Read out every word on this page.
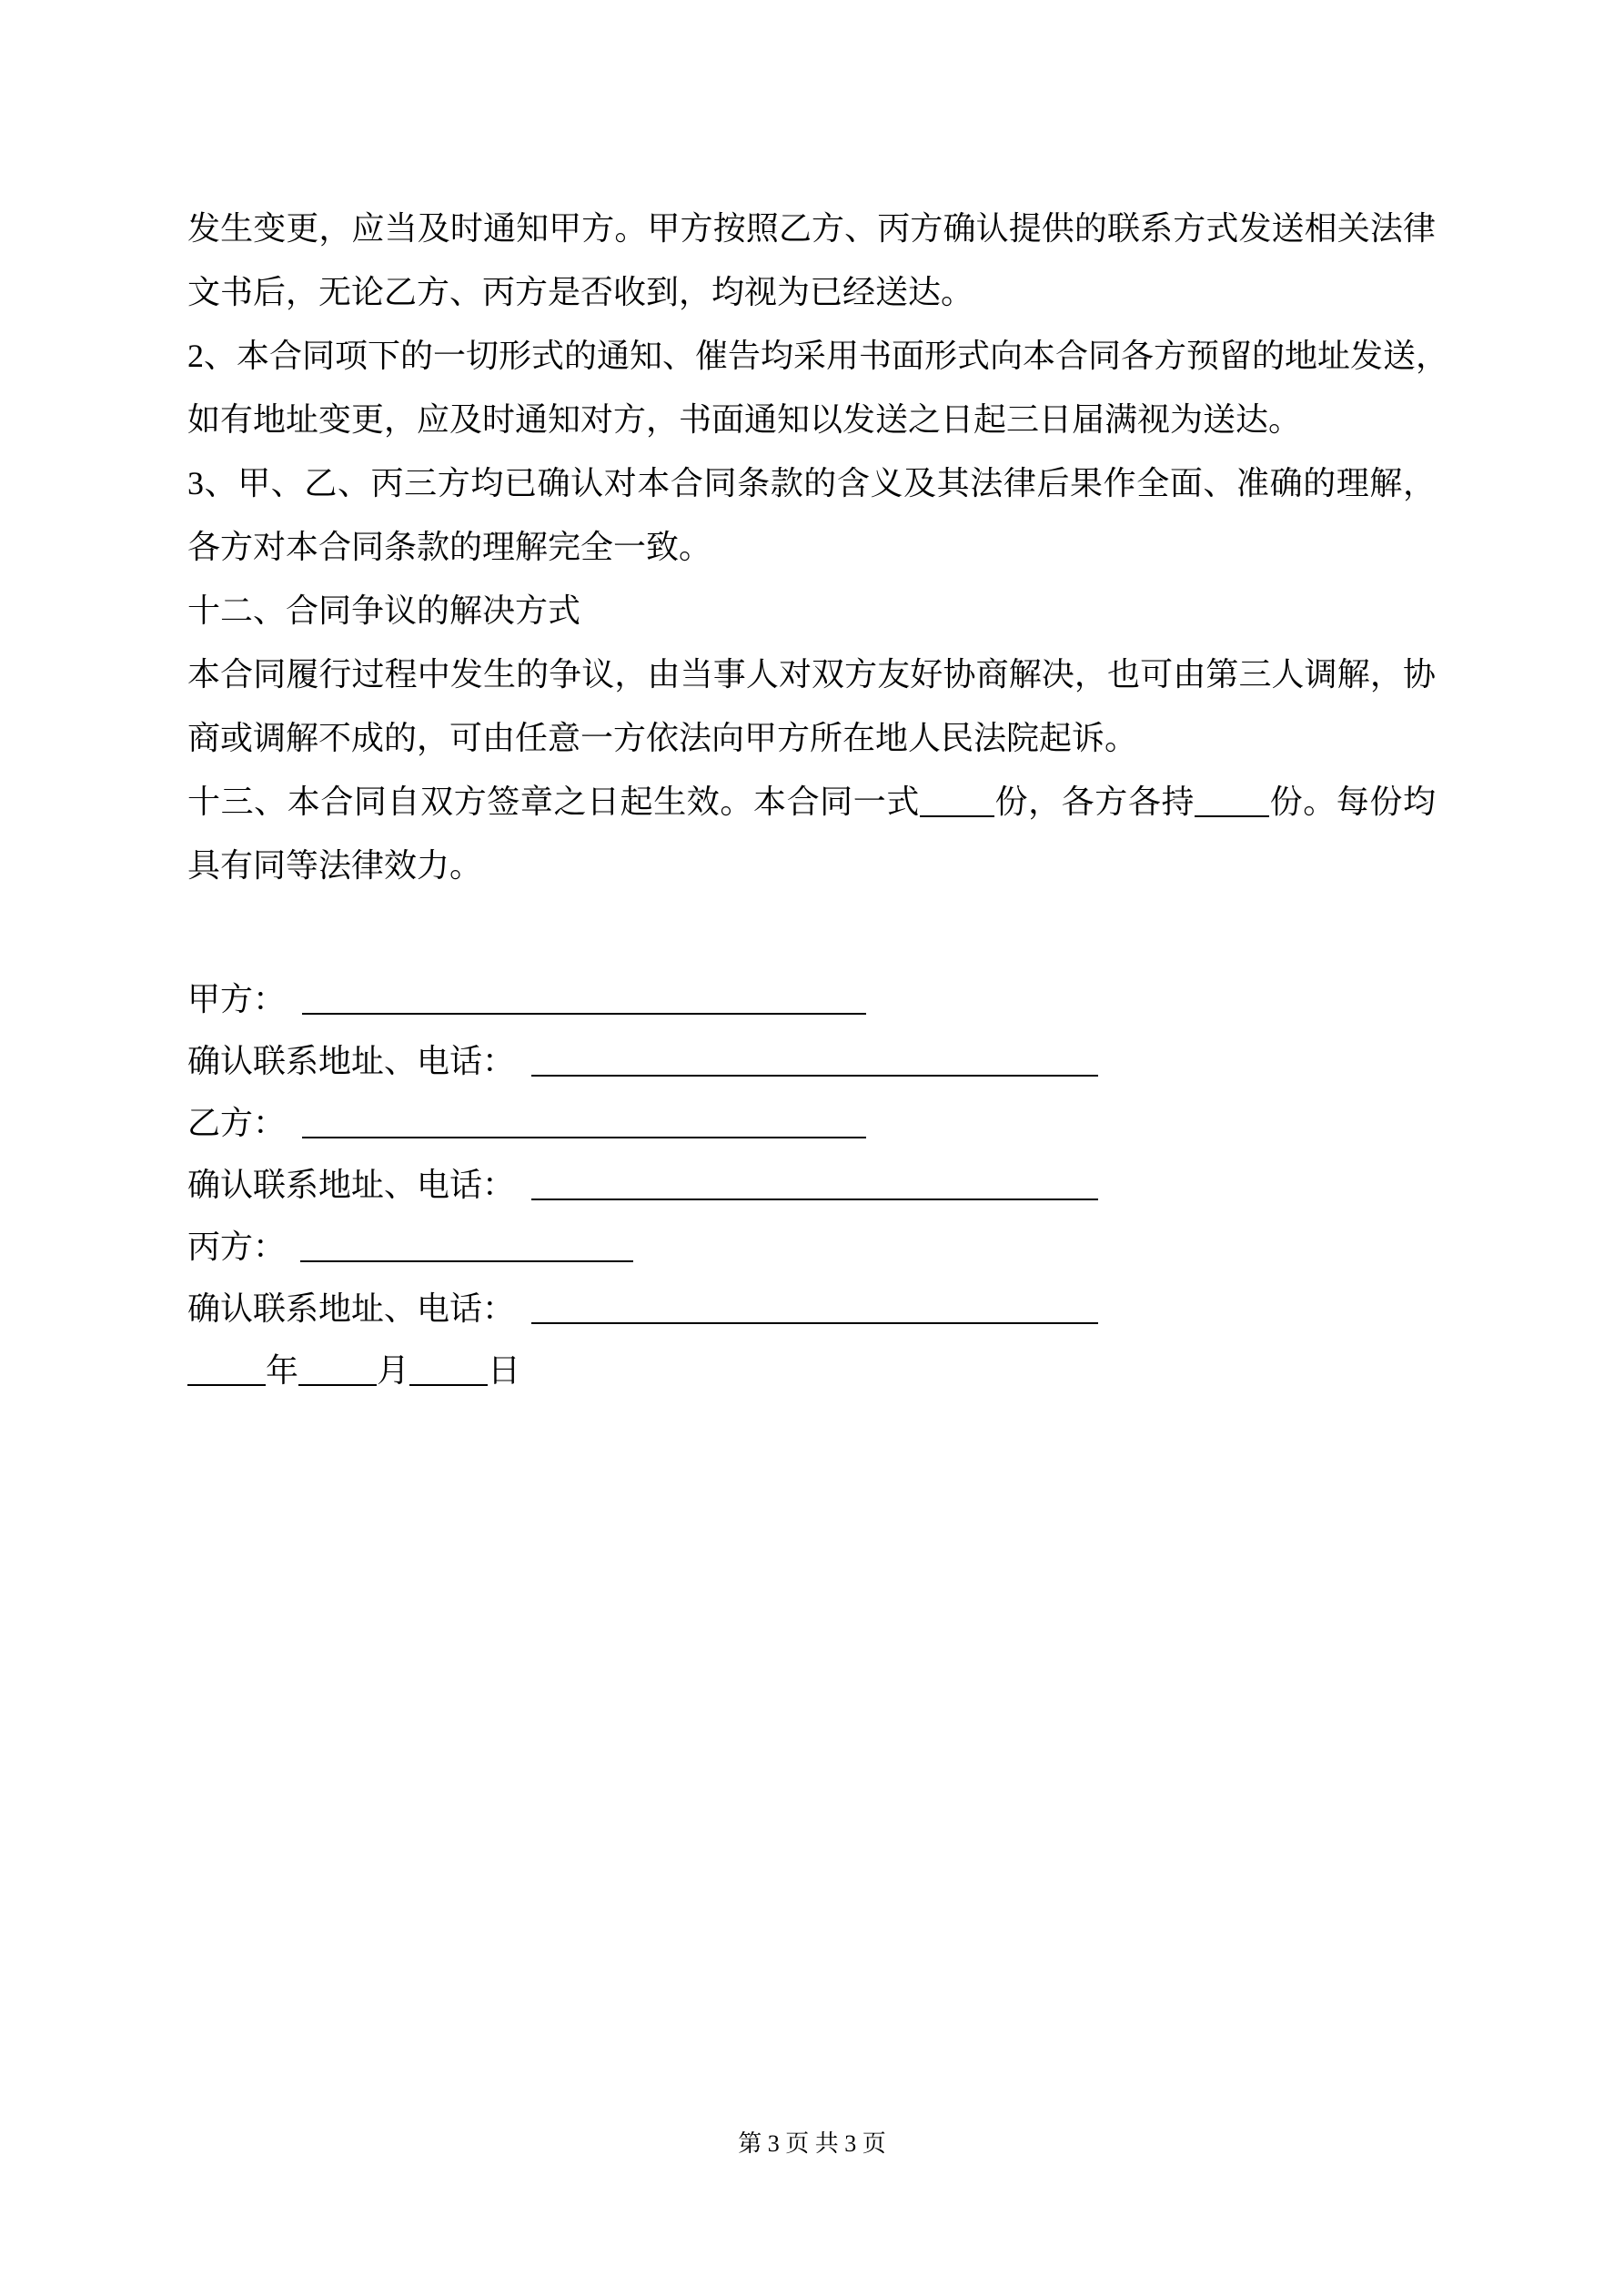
发生变更，应当及时通知甲方。甲方按照乙方、丙方确认提供的联系方式发送相关法律
文书后，无论乙方、丙方是否收到，均视为已经送达。
2、本合同项下的一切形式的通知、催告均采用书面形式向本合同各方预留的地址发送，
如有地址变更，应及时通知对方，书面通知以发送之日起三日届满视为送达。
3、甲、乙、丙三方均已确认对本合同条款的含义及其法律后果作全面、准确的理解，
各方对本合同条款的理解完全一致。
十二、合同争议的解决方式
本合同履行过程中发生的争议，由当事人对双方友好协商解决，也可由第三人调解，协
商或调解不成的，可由任意一方依法向甲方所在地人民法院起诉。
十三、本合同自双方签章之日起生效。本合同一式 份，各方各持 份。每份均
具有同等法律效力。
甲方：
确认联系地址、电话：
乙方：
确认联系地址、电话：
丙方：
确认联系地址、电话：
年 月 日
第 3 页 共 3 页
